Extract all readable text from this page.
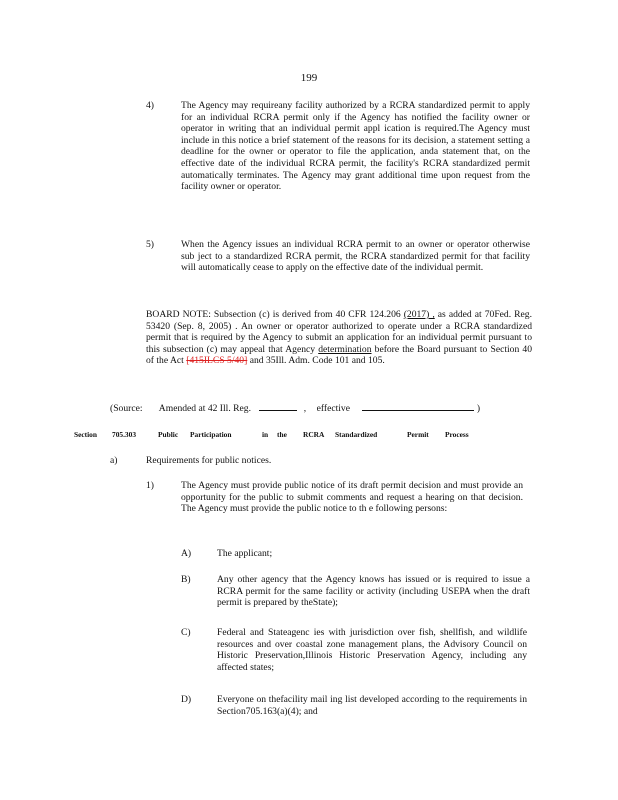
199
4)	The Agency may requireany facility authorized by a RCRA standardized permit to apply for an individual RCRA permit only if the Agency has notified the facility owner or operator in writing that an individual permit appl ication is required.The Agency must include in this notice a brief statement of the reasons for its decision, a statement setting a deadline for the owner or operator to file the application, anda statement that, on the effective date of the individual RCRA permit, the facility's RCRA standardized permit automatically terminates. The Agency may grant additional time upon request from the facility owner or operator.
5)	When the Agency issues an individual RCRA permit to an owner or operator otherwise sub ject to a standardized RCRA permit, the RCRA standardized permit for that facility will automatically cease to apply on the effective date of the individual permit.
BOARD NOTE: Subsection (c) is derived from 40 CFR 124.206 (2017) , as added at 70Fed. Reg. 53420 (Sep. 8, 2005) . An owner or operator authorized to operate under a RCRA standardized permit that is required by the Agency to submit an application for an individual permit pursuant to this subsection (c) may appeal that Agency determination before the Board pursuant to Section 40 of the Act [415ILCS 5/40] and 35Ill. Adm. Code 101 and 105.
(Source: Amended at 42 Ill. Reg.	, effective	)
Section 705.303	Public Participation	in the RCRA Standardized	Permit Process
a)	Requirements for public notices.
1)	The Agency must provide public notice of its draft permit decision and must provide an opportunity for the public to submit comments and request a hearing on that decision. The Agency must provide the public notice to th e following persons:
A)	The applicant;
B)	Any other agency that the Agency knows has issued or is required to issue a RCRA permit for the same facility or activity (including USEPA when the draft permit is prepared by theState);
C)	Federal and Stateagenc ies with jurisdiction over fish, shellfish, and wildlife resources and over coastal zone management plans, the Advisory Council on Historic Preservation,Illinois Historic Preservation Agency, including any affected states;
D)	Everyone on thefacility mail ing list developed according to the requirements in Section705.163(a)(4); and
